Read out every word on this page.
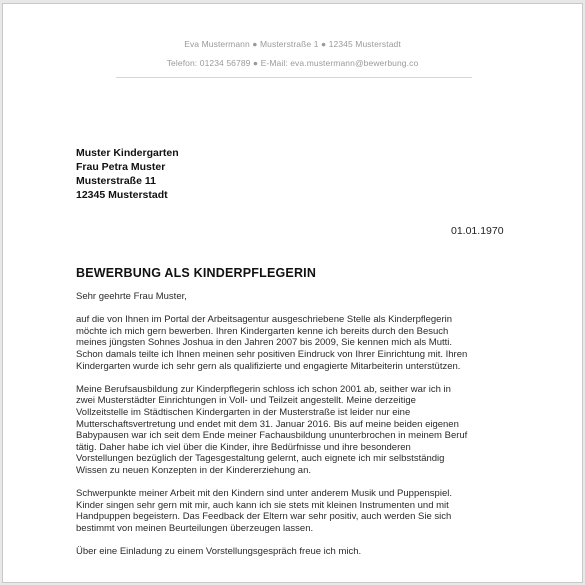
Eva Mustermann ● Musterstraße 1 ● 12345 Musterstadt
Telefon: 01234 56789 ● E-Mail: eva.mustermann@bewerbung.co
Muster Kindergarten
Frau Petra Muster
Musterstraße 11
12345 Musterstadt
01.01.1970
BEWERBUNG ALS KINDERPFLEGERIN

Sehr geehrte Frau Muster,

auf die von Ihnen im Portal der Arbeitsagentur ausgeschriebene Stelle als Kinderpflegerin
möchte ich mich gern bewerben. Ihren Kindergarten kenne ich bereits durch den Besuch
meines jüngsten Sohnes Joshua in den Jahren 2007 bis 2009, Sie kennen mich als Mutti.
Schon damals teilte ich Ihnen meinen sehr positiven Eindruck von Ihrer Einrichtung mit. Ihren
Kindergarten wurde ich sehr gern als qualifizierte und engagierte Mitarbeiterin unterstützen.

Meine Berufsausbildung zur Kinderpflegerin schloss ich schon 2001 ab, seither war ich in
zwei Musterstädter Einrichtungen in Voll- und Teilzeit angestellt. Meine derzeitige
Vollzeitstelle im Städtischen Kindergarten in der Musterstraße ist leider nur eine
Mutterschaftsvertretung und endet mit dem 31. Januar 2016. Bis auf meine beiden eigenen
Babypausen war ich seit dem Ende meiner Fachausbildung ununterbrochen in meinem Beruf
tätig. Daher habe ich viel über die Kinder, ihre Bedürfnisse und ihre besonderen
Vorstellungen bezüglich der Tagesgestaltung gelernt, auch eignete ich mir selbstständig
Wissen zu neuen Konzepten in der Kindererziehung an.

Schwerpunkte meiner Arbeit mit den Kindern sind unter anderem Musik und Puppenspiel.
Kinder singen sehr gern mit mir, auch kann ich sie stets mit kleinen Instrumenten und mit
Handpuppen begeistern. Das Feedback der Eltern war sehr positiv, auch werden Sie sich
bestimmt von meinen Beurteilungen überzeugen lassen.

Über eine Einladung zu einem Vorstellungsgespräch freue ich mich.
